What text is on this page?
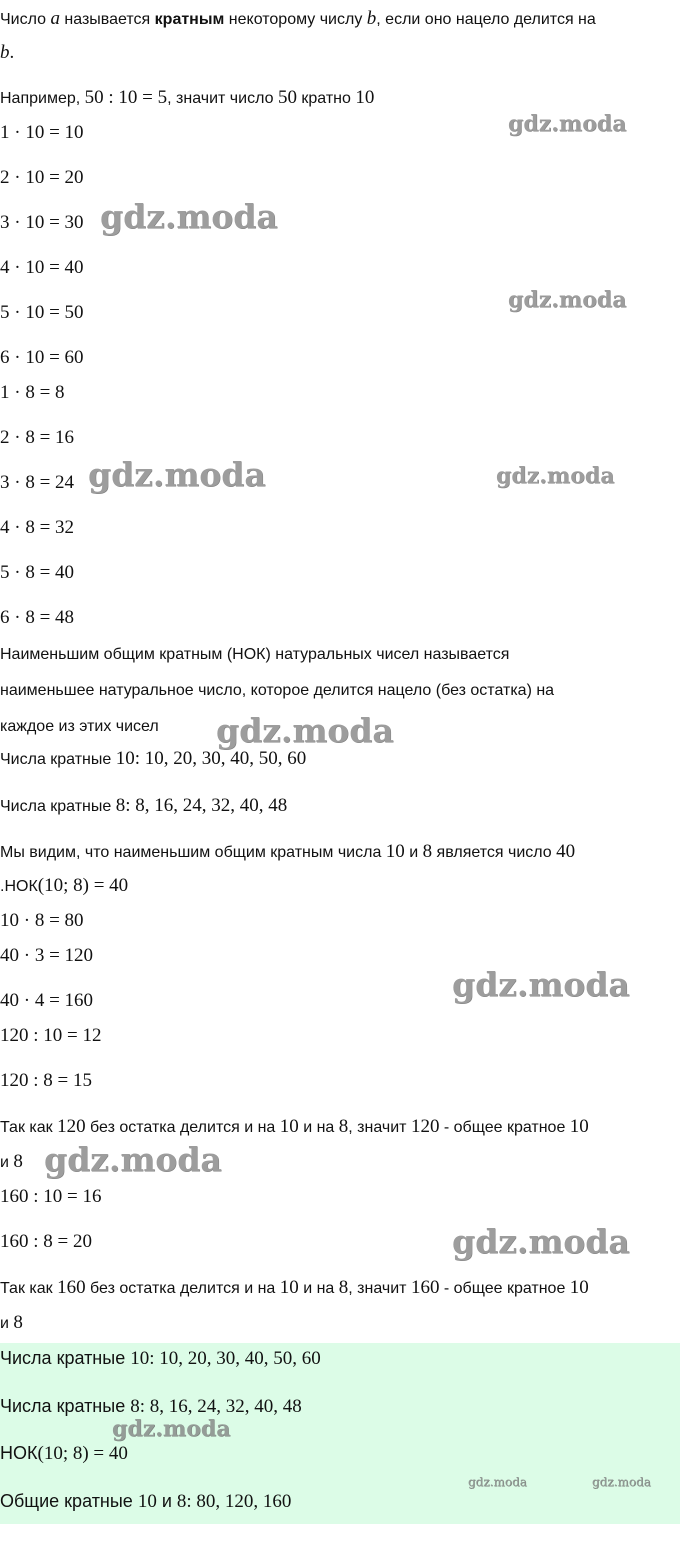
Число a называется кратным некоторому числу b, если оно нацело делится на
b.
Например, 50 : 10 = 5, значит число 50 кратно 10
1 · 10 = 10
2 · 10 = 20
3 · 10 = 30
4 · 10 = 40
5 · 10 = 50
6 · 10 = 60
1 · 8 = 8
2 · 8 = 16
3 · 8 = 24
4 · 8 = 32
5 · 8 = 40
6 · 8 = 48
Наименьшим общим кратным (НОК) натуральных чисел называется
наименьшее натуральное число, которое делится нацело (без остатка) на
каждое из этих чисел
Числа кратные 10: 10, 20, 30, 40, 50, 60
Числа кратные 8: 8, 16, 24, 32, 40, 48
Мы видим, что наименьшим общим кратным числа 10 и 8 является число 40
.НОК(10; 8) = 40
10 · 8 = 80
40 · 3 = 120
40 · 4 = 160
120 : 10 = 12
120 : 8 = 15
Так как 120 без остатка делится и на 10 и на 8, значит 120 - общее кратное 10
и 8
160 : 10 = 16
160 : 8 = 20
Так как 160 без остатка делится и на 10 и на 8, значит 160 - общее кратное 10
и 8
Числа кратные 10: 10, 20, 30, 40, 50, 60
Числа кратные 8: 8, 16, 24, 32, 40, 48
НОК(10; 8) = 40
Общие кратные 10 и 8: 80, 120, 160
gdz.moda
gdz.moda
gdz.moda
gdz.moda	gdz.moda
gdz.moda
gdz.moda
gdz.moda
gdz.moda
gdz.moda
gdz.moda	gdz.moda
